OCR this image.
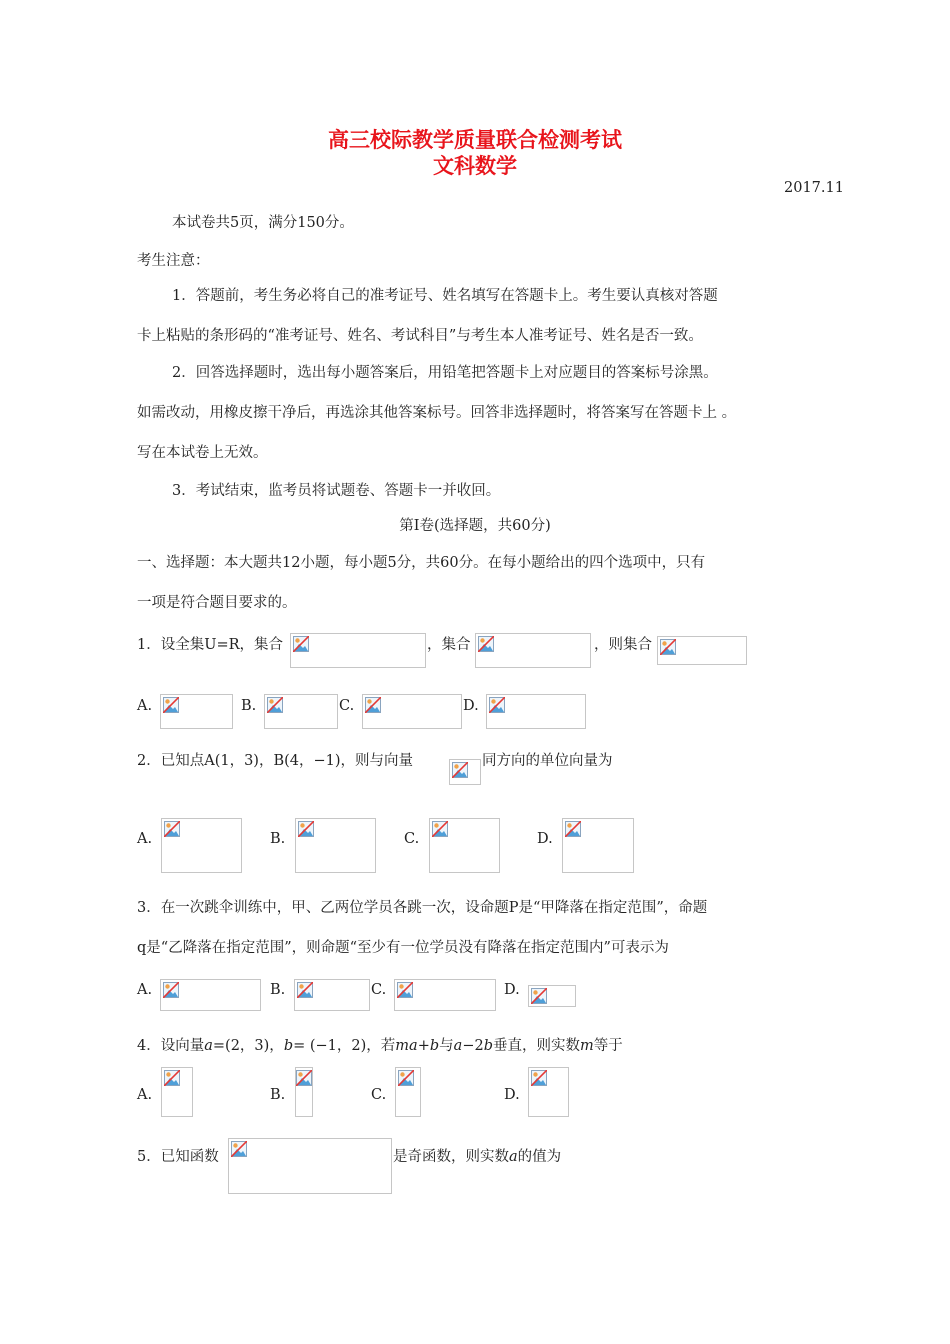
高三校际教学质量联合检测考试
文科数学
2017.11
本试卷共5页，满分150分。
考生注意：
1．答题前，考生务必将自己的准考证号、姓名填写在答题卡上。考生要认真核对答题
卡上粘贴的条形码的“准考证号、姓名、考试科目”与考生本人准考证号、姓名是否一致。
2．回答选择题时，选出每小题答案后，用铅笔把答题卡上对应题目的答案标号涂黑。
如需改动，用橡皮擦干净后，再选涂其他答案标号。回答非选择题时，将答案写在答题卡上 。
写在本试卷上无效。
3．考试结束，监考员将试题卷、答题卡一并收回。
第Ⅰ卷(选择题，共60分)
一、选择题：本大题共12小题，每小题5分，共60分。在每小题给出的四个选项中，只有
一项是符合题目要求的。
1．设全集U=R，集合	，集合	，则集合
A.	B.	C.	D.
2．已知点A(1，3)，B(4，−1)，则与向量	同方向的单位向量为
A.	B.	C.	D.
3．在一次跳伞训练中，甲、乙两位学员各跳一次，设命题P是“甲降落在指定范围”，命题
q是“乙降落在指定范围”，则命题“至少有一位学员没有降落在指定范围内”可表示为
A.	B.	C.	D.
4．设向量a=(2，3)，b= (−1，2)，若ma+b与a−2b垂直，则实数m等于
A.	B.	C.	D.
5．已知函数	是奇函数，则实数a的值为
